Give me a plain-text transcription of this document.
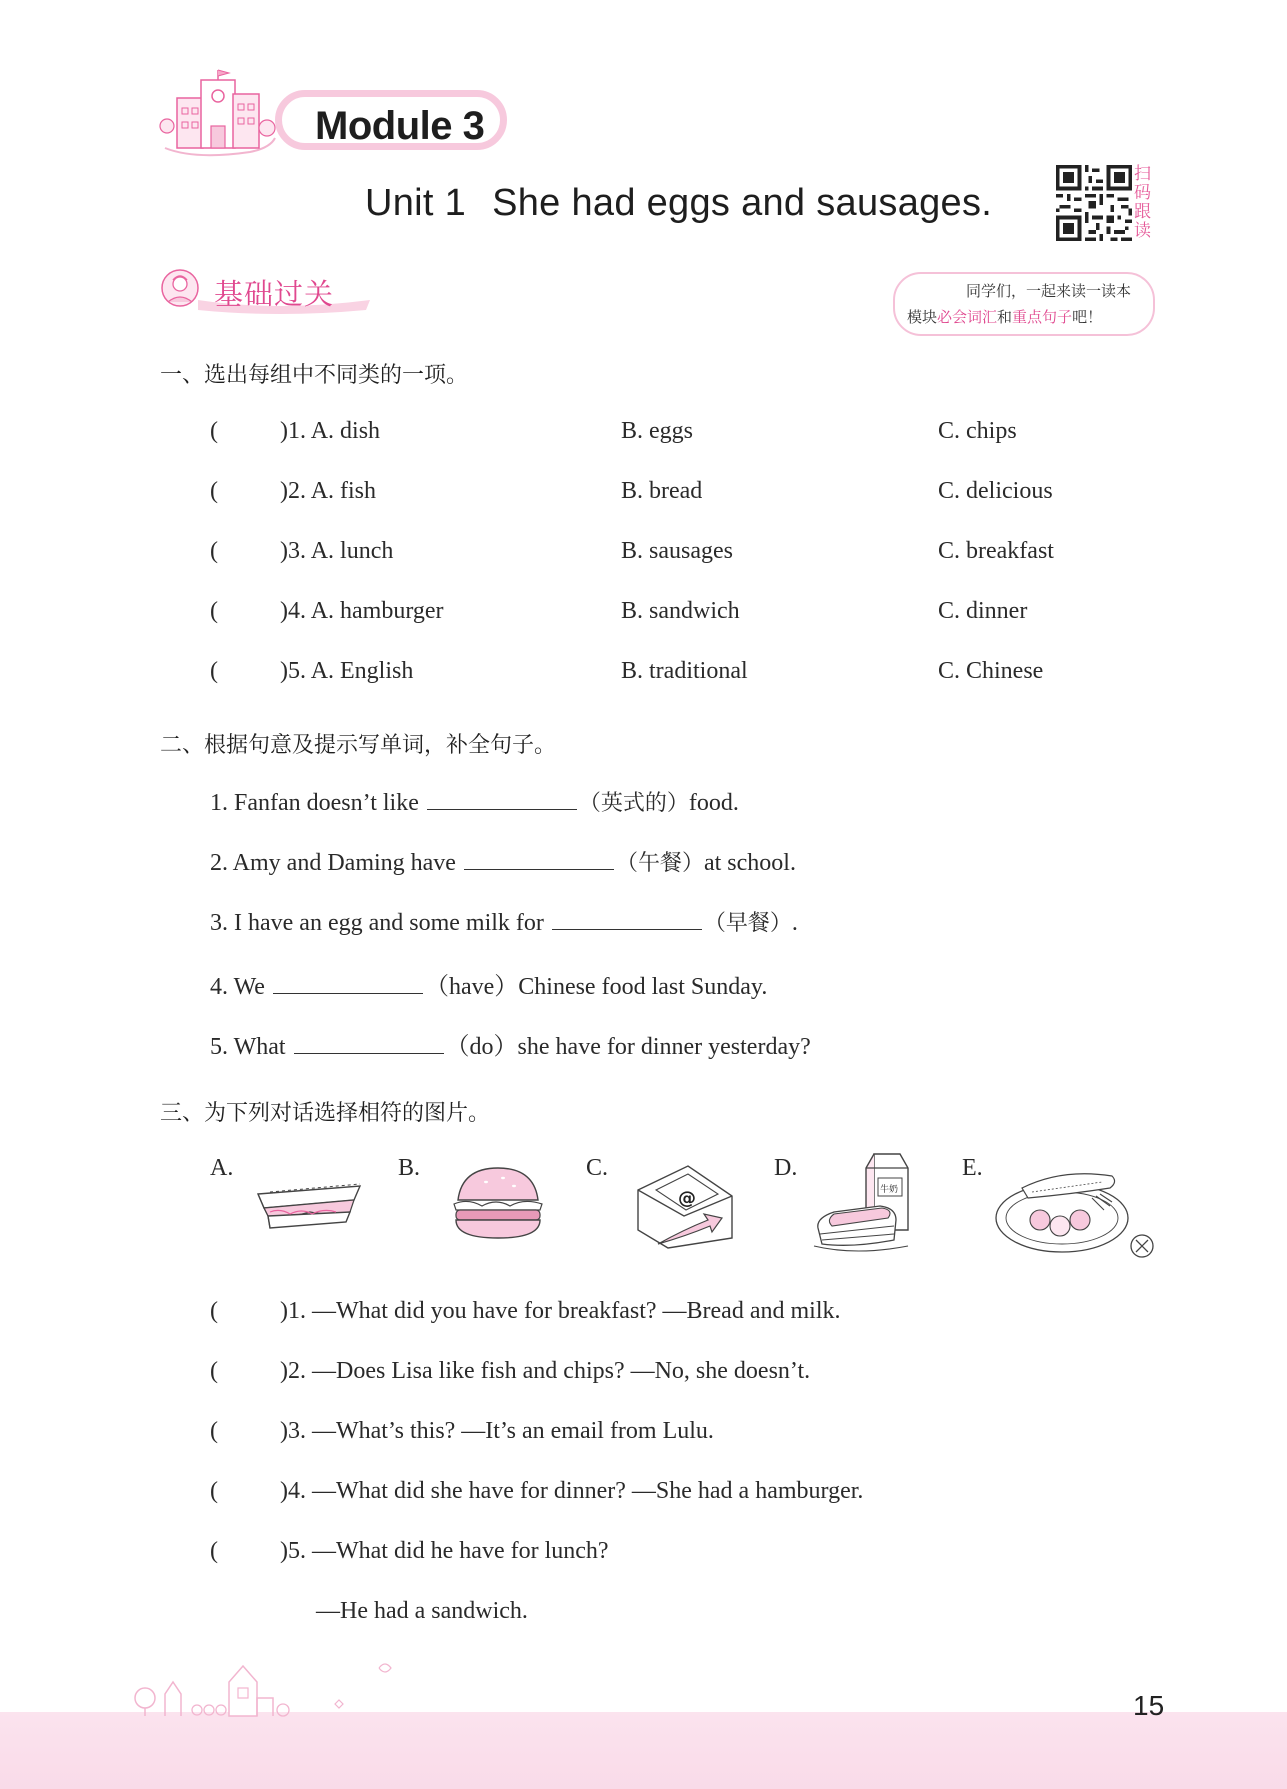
Module 3
Unit 1 She had eggs and sausages.
扫
码
跟
读
基础过关	同学们，一起来读一读本
模块必会词汇和重点句子吧！
一、选出每组中不同类的一项。
(	)1. A. dish	B. eggs	C. chips
(	)2. A. fish	B. bread	C. delicious
(	)3. A. lunch	B. sausages	C. breakfast
(	)4. A. hamburger	B. sandwich	C. dinner
(	)5. A. English	B. traditional	C. Chinese
二、根据句意及提示写单词，补全句子。
1. Fanfan doesn’t like	（英式的）food.
2. Amy and Daming have	（午餐）at school.
3. I have an egg and some milk for	（早餐）.
4. We	（have）Chinese food last Sunday.
5. What	（do）she have for dinner yesterday?
三、为下列对话选择相符的图片。
A.	B.	C.	D.	E.
@	牛奶
(	)1. —What did you have for breakfast? —Bread and milk.
(	)2. —Does Lisa like fish and chips? —No, she doesn’t.
(	)3. —What’s this? —It’s an email from Lulu.
(	)4. —What did she have for dinner? —She had a hamburger.
(	)5. —What did he have for lunch?
—He had a sandwich.
15
